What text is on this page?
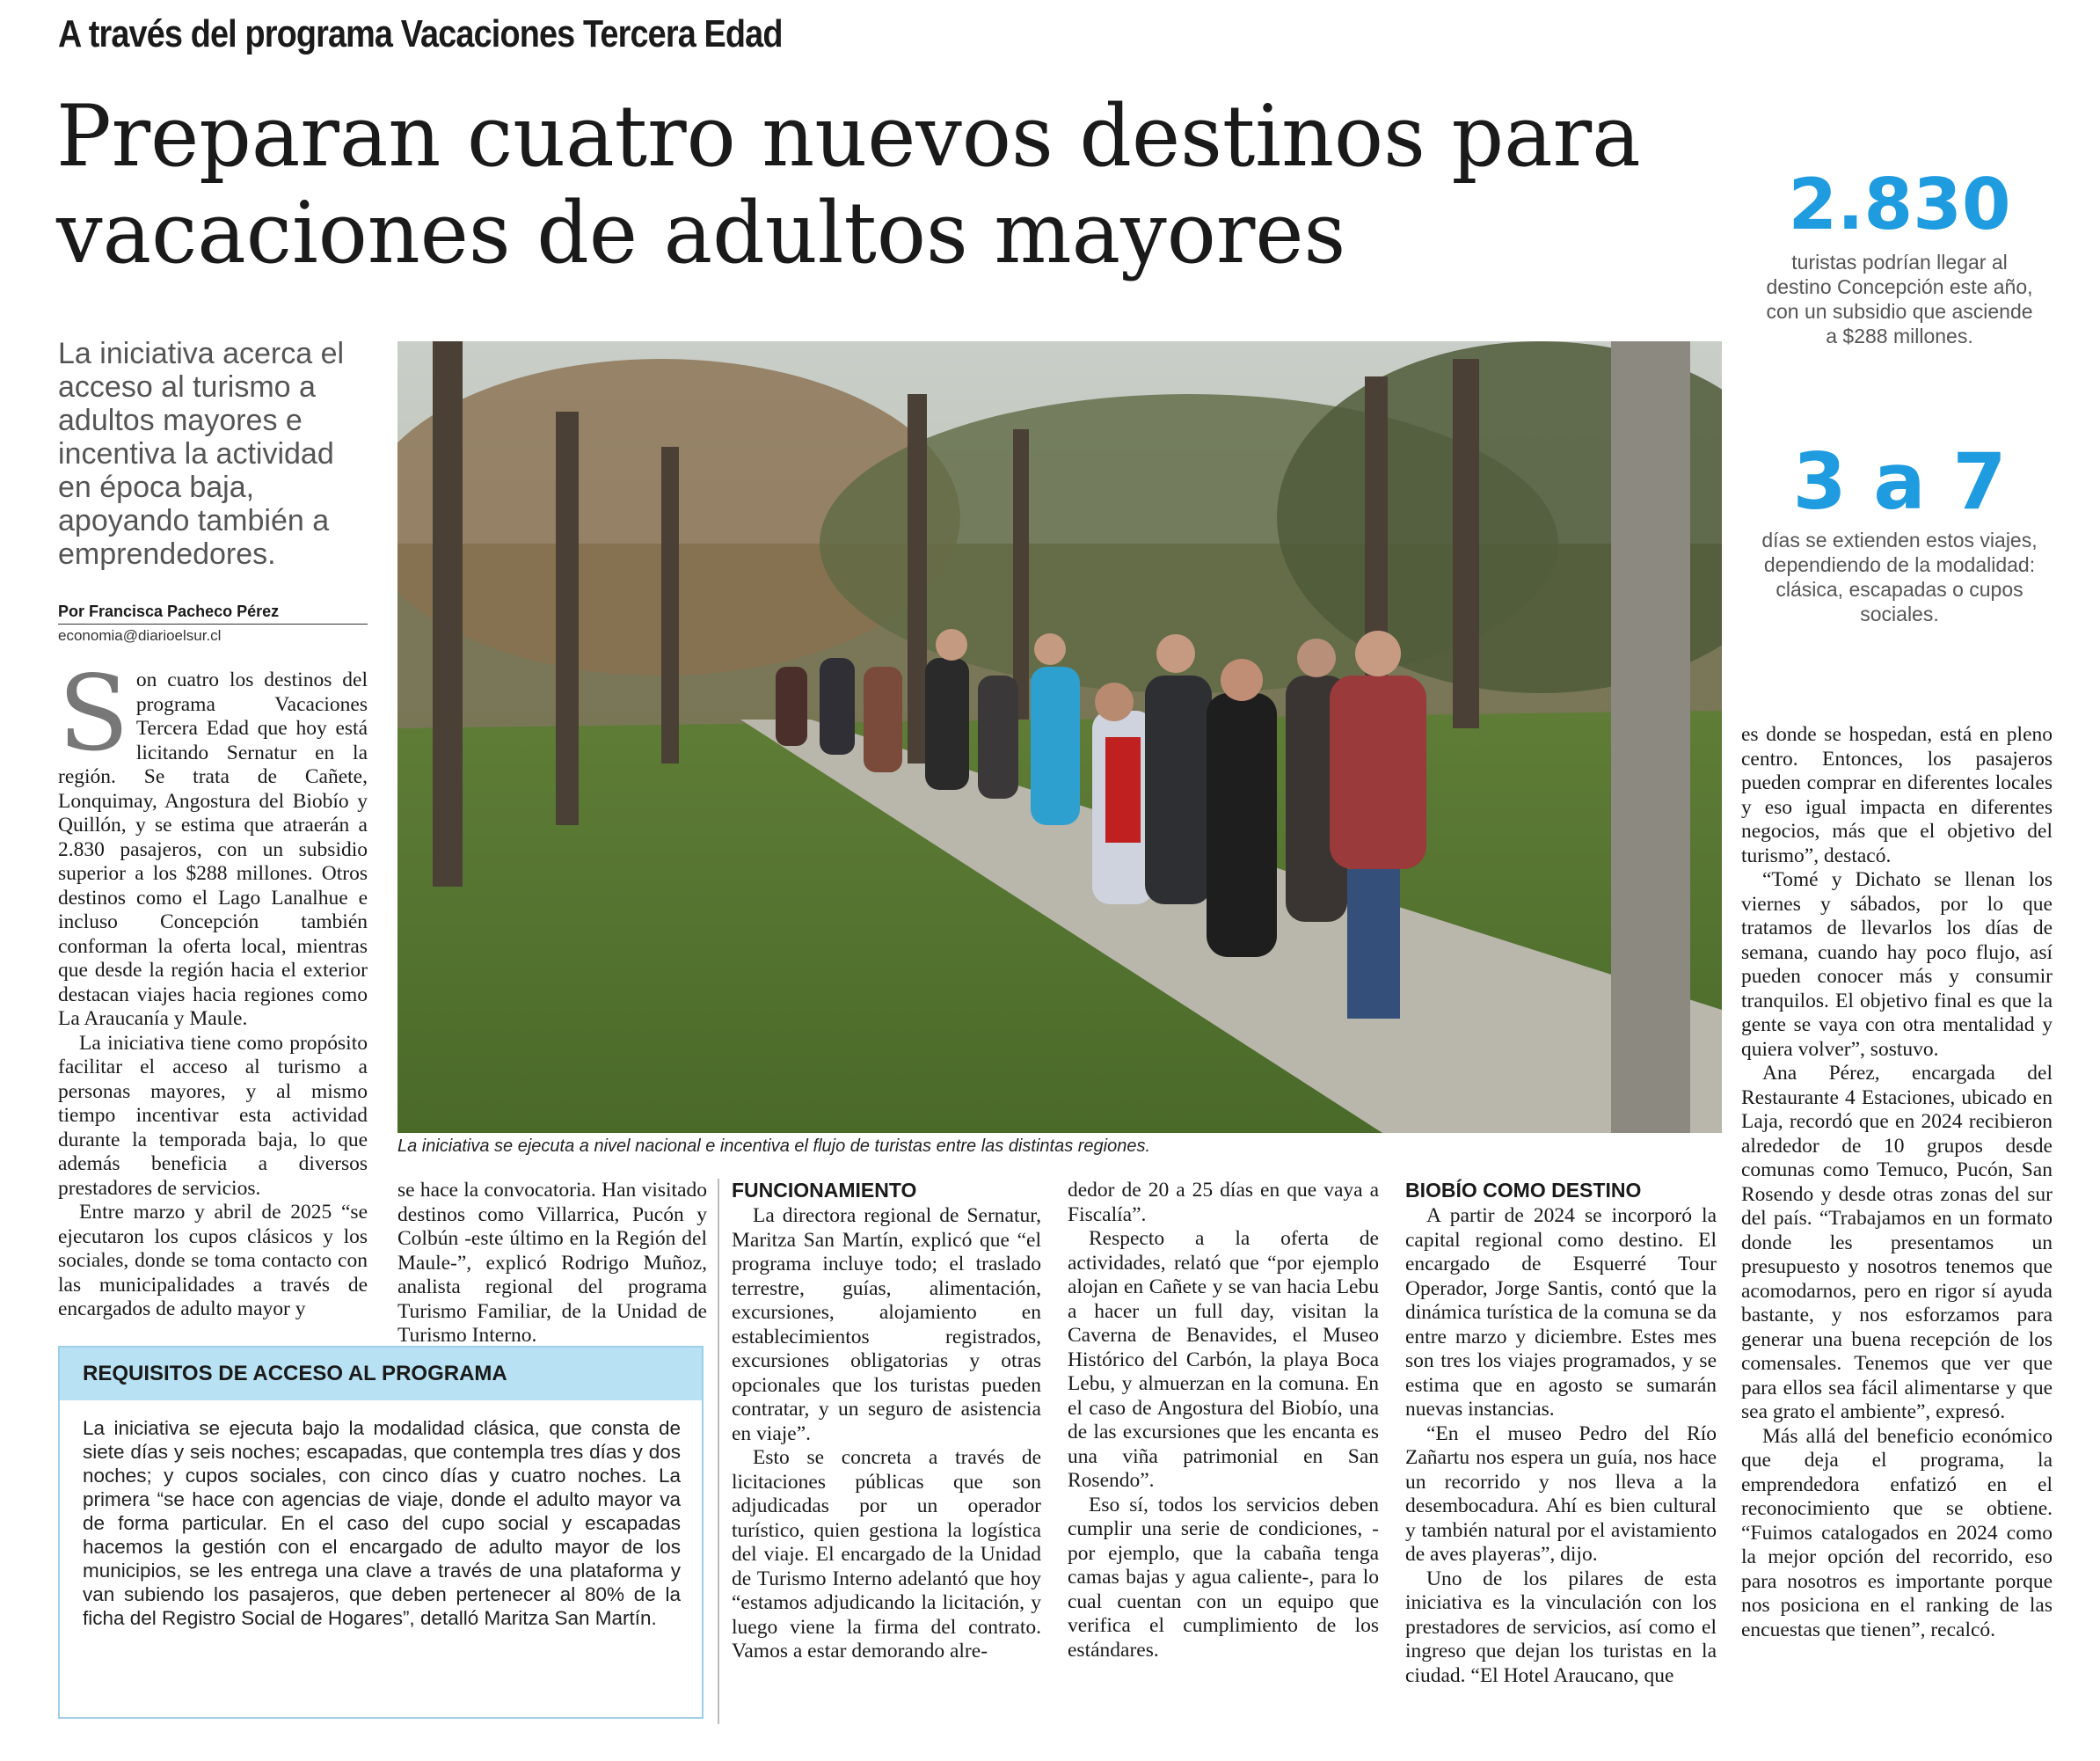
A través del programa Vacaciones Tercera Edad
Preparan cuatro nuevos destinos para vacaciones de adultos mayores	2.830
turistas podrían llegar al destino Concepción este año, con un subsidio que asciende a $288 millones.
3 a 7
días se extienden estos viajes, dependiendo de la modalidad: clásica, escapadas o cupos sociales.
La iniciativa acerca el acceso al turismo a adultos mayores e incentiva la actividad en época baja, apoyando también a emprendedores.
Por Francisca Pacheco Pérez
economia@diarioelsur.cl
La iniciativa se ejecuta a nivel nacional e incentiva el flujo de turistas entre las distintas regiones.

Son cuatro los destinos del programa Vacaciones Tercera Edad que hoy está licitando Sernatur en la región. Se trata de Cañete, Lonquimay, Angostura del Biobío y Quillón, y se estima que atraerán a 2.830 pasajeros, con un subsidio superior a los $288 millones. Otros destinos como el Lago Lanalhue e incluso Concepción también conforman la oferta local, mientras que desde la región hacia el exterior destacan viajes hacia regiones como La Araucanía y Maule.

La iniciativa tiene como propósito facilitar el acceso al turismo a personas mayores, y al mismo tiempo incentivar esta actividad durante la temporada baja, lo que además beneficia a diversos prestadores de servicios.

Entre marzo y abril de 2025 “se ejecutaron los cupos clásicos y los sociales, donde se toma contacto con las municipalidades a través de encargados de adulto mayor y

se hace la convocatoria. Han visitado destinos como Villarrica, Pucón y Colbún -este último en la Región del Maule-”, explicó Rodrigo Muñoz, analista regional del programa Turismo Familiar, de la Unidad de Turismo Interno.

FUNCIONAMIENTO

La directora regional de Sernatur, Maritza San Martín, explicó que “el programa incluye todo; el traslado terrestre, guías, alimentación, excursiones, alojamiento en establecimientos registrados, excursiones obligatorias y otras opcionales que los turistas pueden contratar, y un seguro de asistencia en viaje”.

Esto se concreta a través de licitaciones públicas que son adjudicadas por un operador turístico, quien gestiona la logística del viaje. El encargado de la Unidad de Turismo Interno adelantó que hoy “estamos adjudicando la licitación, y luego viene la firma del contrato. Vamos a estar demorando alre-

dedor de 20 a 25 días en que vaya a Fiscalía”.

Respecto a la oferta de actividades, relató que “por ejemplo alojan en Cañete y se van hacia Lebu a hacer un full day, visitan la Caverna de Benavides, el Museo Histórico del Carbón, la playa Boca Lebu, y almuerzan en la comuna. En el caso de Angostura del Biobío, una de las excursiones que les encanta es una viña patrimonial en San Rosendo”.

Eso sí, todos los servicios deben cumplir una serie de condiciones, -por ejemplo, que la cabaña tenga camas bajas y agua caliente-, para lo cual cuentan con un equipo que verifica el cumplimiento de los estándares.

BIOBÍO COMO DESTINO

A partir de 2024 se incorporó la capital regional como destino. El encargado de Esquerré Tour Operador, Jorge Santis, contó que la dinámica turística de la comuna se da entre marzo y diciembre. Estes mes son tres los viajes programados, y se estima que en agosto se sumarán nuevas instancias.

“En el museo Pedro del Río Zañartu nos espera un guía, nos hace un recorrido y nos lleva a la desembocadura. Ahí es bien cultural y también natural por el avistamiento de aves playeras”, dijo.

Uno de los pilares de esta iniciativa es la vinculación con los prestadores de servicios, así como el ingreso que dejan los turistas en la ciudad. “El Hotel Araucano, que

es donde se hospedan, está en pleno centro. Entonces, los pasajeros pueden comprar en diferentes locales y eso igual impacta en diferentes negocios, más que el objetivo del turismo”, destacó.

“Tomé y Dichato se llenan los viernes y sábados, por lo que tratamos de llevarlos los días de semana, cuando hay poco flujo, así pueden conocer más y consumir tranquilos. El objetivo final es que la gente se vaya con otra mentalidad y quiera volver”, sostuvo.

Ana Pérez, encargada del Restaurante 4 Estaciones, ubicado en Laja, recordó que en 2024 recibieron alrededor de 10 grupos desde comunas como Temuco, Pucón, San Rosendo y desde otras zonas del sur del país. “Trabajamos en un formato donde les presentamos un presupuesto y nosotros tenemos que acomodarnos, pero en rigor sí ayuda bastante, y nos esforzamos para generar una buena recepción de los comensales. Tenemos que ver que para ellos sea fácil alimentarse y que sea grato el ambiente”, expresó.

Más allá del beneficio económico que deja el programa, la emprendedora enfatizó en el reconocimiento que se obtiene. “Fuimos catalogados en 2024 como la mejor opción del recorrido, eso para nosotros es importante porque nos posiciona en el ranking de las encuestas que tienen”, recalcó.

REQUISITOS DE ACCESO AL PROGRAMA
La iniciativa se ejecuta bajo la modalidad clásica, que consta de siete días y seis noches; escapadas, que contempla tres días y dos noches; y cupos sociales, con cinco días y cuatro noches. La primera “se hace con agencias de viaje, donde el adulto mayor va de forma particular. En el caso del cupo social y escapadas hacemos la gestión con el encargado de adulto mayor de los municipios, se les entrega una clave a través de una plataforma y van subiendo los pasajeros, que deben pertenecer al 80% de la ficha del Registro Social de Hogares”, detalló Maritza San Martín.
